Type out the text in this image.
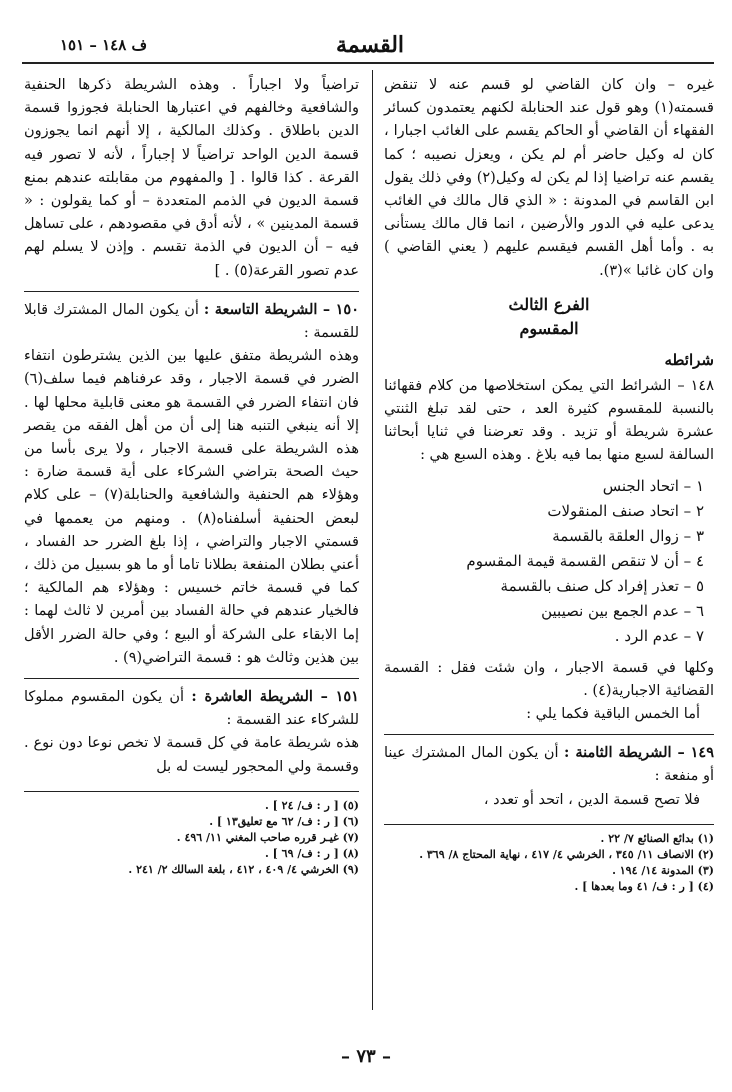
القسمة
ف ١٤٨ – ١٥١

غيره – وان كان القاضي لو قسم عنه لا تنقض قسمته(١) وهو قول عند الحنابلة لكنهم يعتمدون كسائر الفقهاء أن القاضي أو الحاكم يقسم على الغائب اجبارا ، كان له وكيل حاضر أم لم يكن ، ويعزل نصيبه ؛ كما يقسم عنه تراضيا إذا لم يكن له وكيل(٢) وفي ذلك يقول ابن القاسم في المدونة : « الذي قال مالك في الغائب يدعى عليه في الدور والأرضين ، انما قال مالك يستأنى به . وأما أهل القسم فيقسم عليهم ( يعني القاضي ) وان كان غائبا »(٣).

الفرع الثالث
المقسوم
شرائطه

١٤٨ – الشرائط التي يمكن استخلاصها من كلام فقهائنا بالنسبة للمقسوم كثيرة العد ، حتى لقد تبلغ الثنتي عشرة شريطة أو تزيد . وقد تعرضنا في ثنايا أبحاثنا السالفة لسبع منها بما فيه بلاغ . وهذه السبع هي :

١ – اتحاد الجنس
٢ – اتحاد صنف المنقولات
٣ – زوال العلقة بالقسمة
٤ – أن لا تنقص القسمة قيمة المقسوم
٥ – تعذر إفراد كل صنف بالقسمة
٦ – عدم الجمع بين نصيبين
٧ – عدم الرد .

وكلها في قسمة الاجبار ، وان شئت فقل : القسمة القضائية الاجبارية(٤) .

أما الخمس الباقية فكما يلي :

١٤٩ – الشريطة الثامنة : أن يكون المال المشترك عينا أو منفعة :

فلا تصح قسمة الدين ، اتحد أو تعدد ،

(١) بدائع الصنائع ٧/ ٢٢ .

(٢) الانصاف ١١/ ٣٤٥ ، الخرشي ٤/ ٤١٧ ، نهاية المحتاج ٨/ ٣٦٩ .

(٣) المدونة ١٤/ ١٩٤ .

(٤) [ ر : ف/ ٤١ وما بعدها ] .

تراضياً ولا اجباراً . وهذه الشريطة ذكرها الحنفية والشافعية وخالفهم في اعتبارها الحنابلة فجوزوا قسمة الدين باطلاق . وكذلك المالكية ، إلا أنهم انما يجوزون قسمة الدين الواحد تراضياً لا إجباراً ، لأنه لا تصور فيه القرعة . كذا قالوا . [ والمفهوم من مقابلته عندهم بمنع قسمة الديون في الذمم المتعددة – أو كما يقولون : « قسمة المدينين » ، لأنه أدق في مقصودهم ، على تساهل فيه – أن الديون في الذمة تقسم . وإذن لا يسلم لهم عدم تصور القرعة(٥) . ]

١٥٠ – الشريطة التاسعة : أن يكون المال المشترك قابلا للقسمة :

وهذه الشريطة متفق عليها بين الذين يشترطون انتفاء الضرر في قسمة الاجبار ، وقد عرفناهم فيما سلف(٦) فان انتفاء الضرر في القسمة هو معنى قابلية محلها لها . إلا أنه ينبغي التنبه هنا إلى أن من أهل الفقه من يقصر هذه الشريطة على قسمة الاجبار ، ولا يرى بأسا من حيث الصحة بتراضي الشركاء على أية قسمة ضارة : وهؤلاء هم الحنفية والشافعية والحنابلة(٧) – على كلام لبعض الحنفية أسلفناه(٨) . ومنهم من يعممها في قسمتي الاجبار والتراضي ، إذا بلغ الضرر حد الفساد ، أعني بطلان المنفعة بطلانا تاما أو ما هو بسبيل من ذلك ، كما في قسمة خاتم خسيس : وهؤلاء هم المالكية ؛ فالخيار عندهم في حالة الفساد بين أمرين لا ثالث لهما : إما الابقاء على الشركة أو البيع ؛ وفي حالة الضرر الأقل بين هذين وثالث هو : قسمة التراضي(٩) .

١٥١ – الشريطة العاشرة : أن يكون المقسوم مملوكا للشركاء عند القسمة :

هذه شريطة عامة في كل قسمة لا تخص نوعا دون نوع . وقسمة ولي المحجور ليست له بل

(٥) [ ر : ف/ ٢٤ ] .

(٦) [ ر : ف/ ٦٢ مع تعليق١٣ ] .

(٧) غيـر قرره صاحب المغني ١١/ ٤٩٦ .

(٨) [ ر : ف/ ٦٩ ] .

(٩) الخرشي ٤/ ٤٠٩ ، ٤١٢ ، بلغة السالك ٢/ ٢٤١ .

– ٧٣ –
